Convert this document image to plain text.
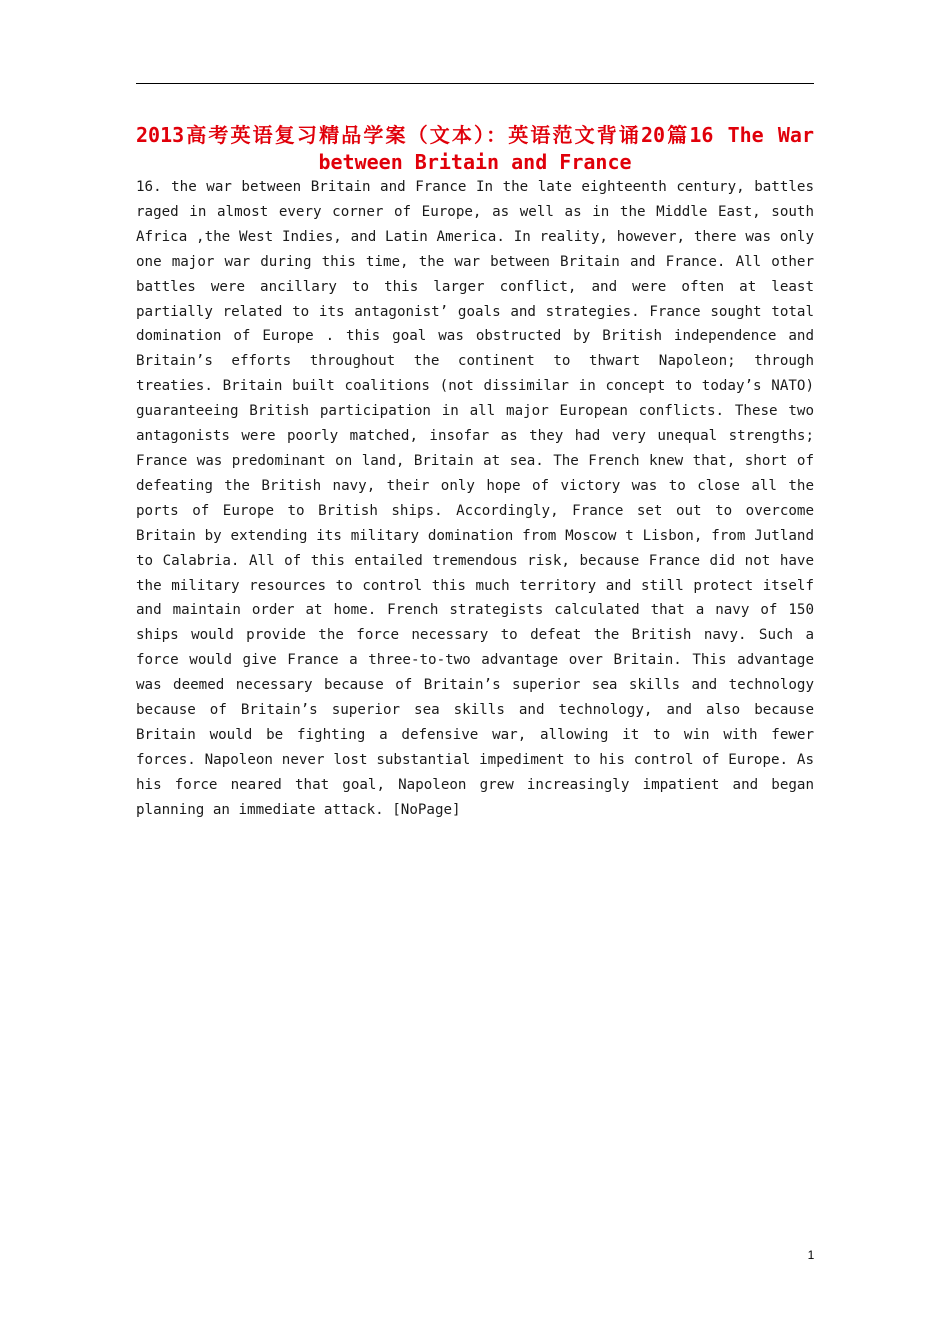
2013高考英语复习精品学案（文本）：英语范文背诵20篇16 The War between Britain and France

16. the war between Britain and France In the late eighteenth century, battles raged in almost every corner of Europe, as well as in the Middle East, south Africa ,the West Indies, and Latin America. In reality, however, there was only one major war during this time, the war between Britain and France. All other battles were ancillary to this larger conflict, and were often at least partially related to its antagonist’ goals and strategies. France sought total domination of Europe . this goal was obstructed by British independence and Britain’s efforts throughout the continent to thwart Napoleon; through treaties. Britain built coalitions (not dissimilar in concept to today’s NATO) guaranteeing British participation in all major European conflicts. These two antagonists were poorly matched, insofar as they had very unequal strengths; France was predominant on land, Britain at sea. The French knew that, short of defeating the British navy, their only hope of victory was to close all the ports of Europe to British ships. Accordingly, France set out to overcome Britain by extending its military domination from Moscow t Lisbon, from Jutland to Calabria. All of this entailed tremendous risk, because France did not have the military resources to control this much territory and still protect itself and maintain order at home. French strategists calculated that a navy of 150 ships would provide the force necessary to defeat the British navy. Such a force would give France a three-to-two advantage over Britain. This advantage was deemed necessary because of Britain’s superior sea skills and technology because of Britain’s superior sea skills and technology, and also because Britain would be fighting a defensive war, allowing it to win with fewer forces. Napoleon never lost substantial impediment to his control of Europe. As his force neared that goal, Napoleon grew increasingly impatient and began planning an immediate attack. [NoPage]

1
